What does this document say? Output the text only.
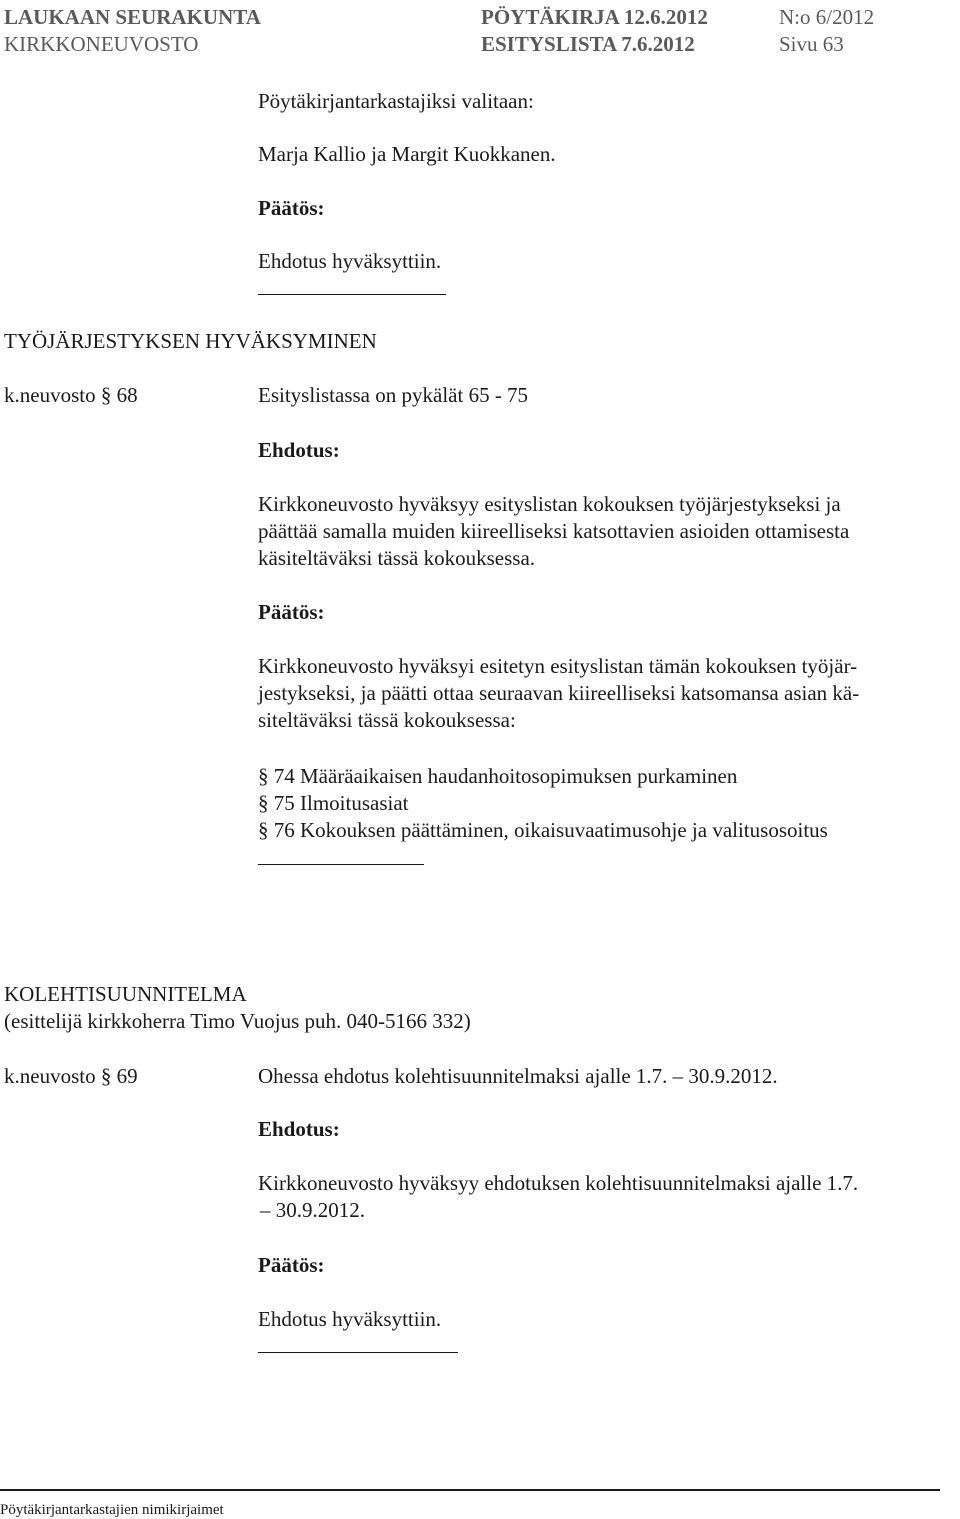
LAUKAAN SEURAKUNTA
KIRKKONEUVOSTO
PÖYTÄKIRJA 12.6.2012
ESITYSLISTA 7.6.2012
N:o 6/2012
Sivu 63
Pöytäkirjantarkastajiksi valitaan:
Marja Kallio ja Margit Kuokkanen.
Päätös:
Ehdotus hyväksyttiin.
TYÖJÄRJESTYKSEN HYVÄKSYMINEN
k.neuvosto § 68	Esityslistassa on pykälät 65 - 75
Ehdotus:
Kirkkoneuvosto hyväksyy esityslistan kokouksen työjärjestykseksi ja
päättää samalla muiden kiireelliseksi katsottavien asioiden ottamisesta
käsiteltäväksi tässä kokouksessa.
Päätös:
Kirkkoneuvosto hyväksyi esitetyn esityslistan tämän kokouksen työjär-
jestykseksi, ja päätti ottaa seuraavan kiireelliseksi katsomansa asian kä-
siteltäväksi tässä kokouksessa:
§ 74 Määräaikaisen haudanhoitosopimuksen purkaminen
§ 75 Ilmoitusasiat
§ 76 Kokouksen päättäminen, oikaisuvaatimusohje ja valitusosoitus
KOLEHTISUUNNITELMA
(esittelijä kirkkoherra Timo Vuojus puh. 040-5166 332)
k.neuvosto § 69	Ohessa ehdotus kolehtisuunnitelmaksi ajalle 1.7. – 30.9.2012.
Ehdotus:
Kirkkoneuvosto hyväksyy ehdotuksen kolehtisuunnitelmaksi ajalle 1.7.
– 30.9.2012.
Päätös:
Ehdotus hyväksyttiin.
Pöytäkirjantarkastajien nimikirjaimet
